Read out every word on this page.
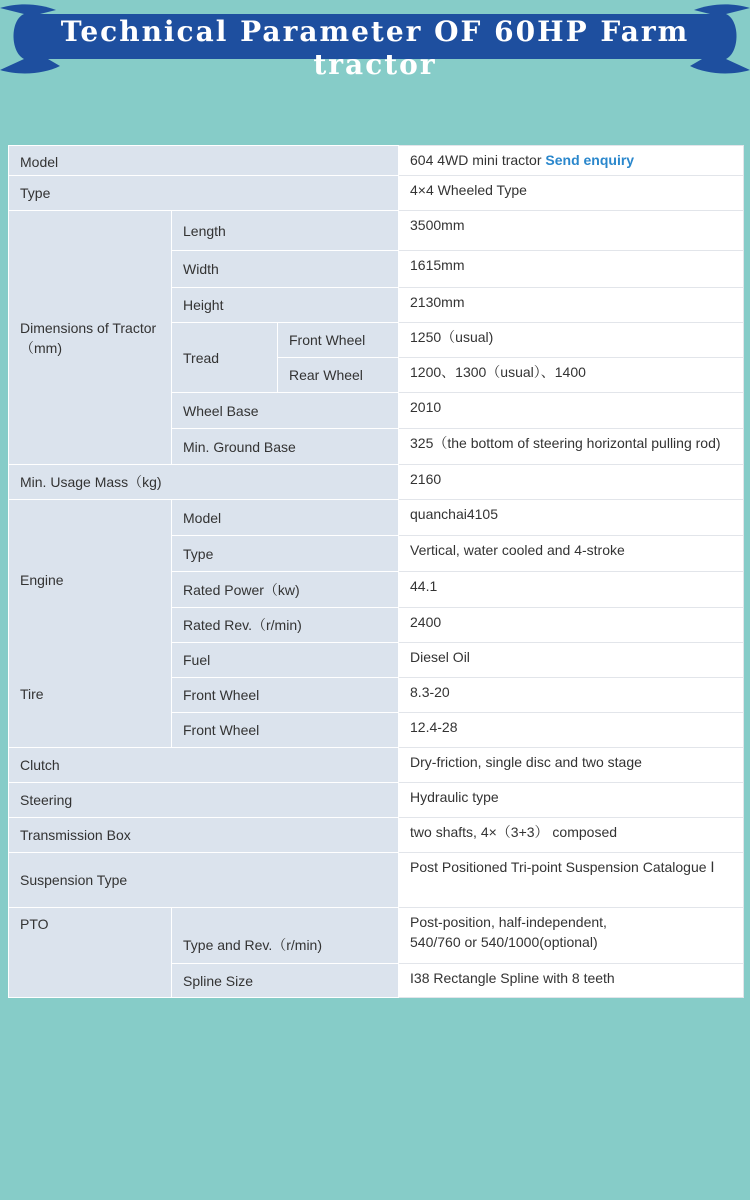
Technical Parameter OF 60HP Farm tractor
Model			604 4WD mini tractor Send enquiry
Type			4×4 Wheeled Type
Dimensions of Tractor （mm)	Length		3500mm
	Width		1615mm
	Height		2130mm
	Tread	Front Wheel	1250（usual)
		Rear Wheel	1200、1300（usual）、1400
	Wheel Base		2010
	Min. Ground Base		325（the bottom of steering horizontal pulling rod)
Min. Usage Mass（kg)			2160
Engine	Model		quanchai4105
	Type		Vertical, water cooled and 4-stroke
	Rated Power（kw)		44.1
	Rated Rev.（r/min)		2400
	Fuel		Diesel Oil
Tire	Front Wheel		8.3-20
	Front Wheel		12.4-28
Clutch			Dry-friction, single disc and two stage
Steering			Hydraulic type
Transmission Box			two shafts, 4×（3+3） composed
Suspension Type			Post Positioned Tri-point Suspension Catalogue Ⅰ
PTO	Type and Rev.（r/min)		Post-position, half-independent,
540/760 or 540/1000(optional)

	Spline Size		I38 Rectangle Spline with 8 teeth
